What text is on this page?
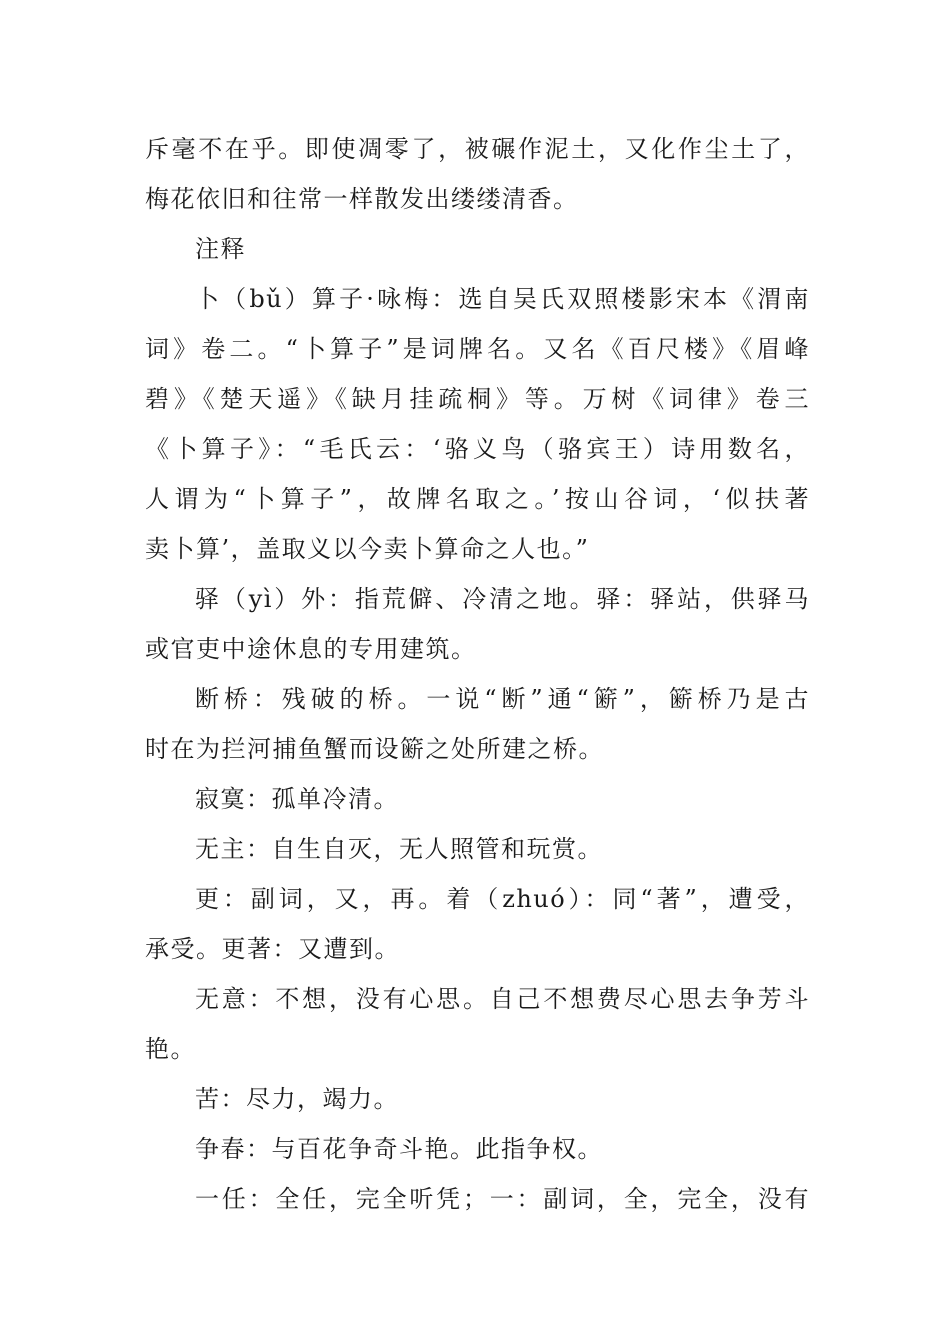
斥毫不在乎。即使凋零了，被碾作泥土，又化作尘土了，
梅花依旧和往常一样散发出缕缕清香。
注释
卜（bǔ）算子·咏梅：选自吴氏双照楼影宋本《渭南
词》卷二。“卜算子”是词牌名。又名《百尺楼》《眉峰
碧》《楚天遥》《缺月挂疏桐》等。万树《词律》卷三
《卜算子》：“毛氏云：‘骆义鸟（骆宾王）诗用数名，
人谓为“卜算子”，故牌名取之。’按山谷词，‘似扶著
卖卜算’，盖取义以今卖卜算命之人也。”
驿（yì）外：指荒僻、冷清之地。驿：驿站，供驿马
或官吏中途休息的专用建筑。
断桥：残破的桥。一说“断”通“簖”，簖桥乃是古
时在为拦河捕鱼蟹而设簖之处所建之桥。
寂寞：孤单冷清。
无主：自生自灭，无人照管和玩赏。
更：副词，又，再。着（zhuó）：同“著”，遭受，
承受。更著：又遭到。
无意：不想，没有心思。自己不想费尽心思去争芳斗
艳。
苦：尽力，竭力。
争春：与百花争奇斗艳。此指争权。
一任：全任，完全听凭；一：副词，全，完全，没有
